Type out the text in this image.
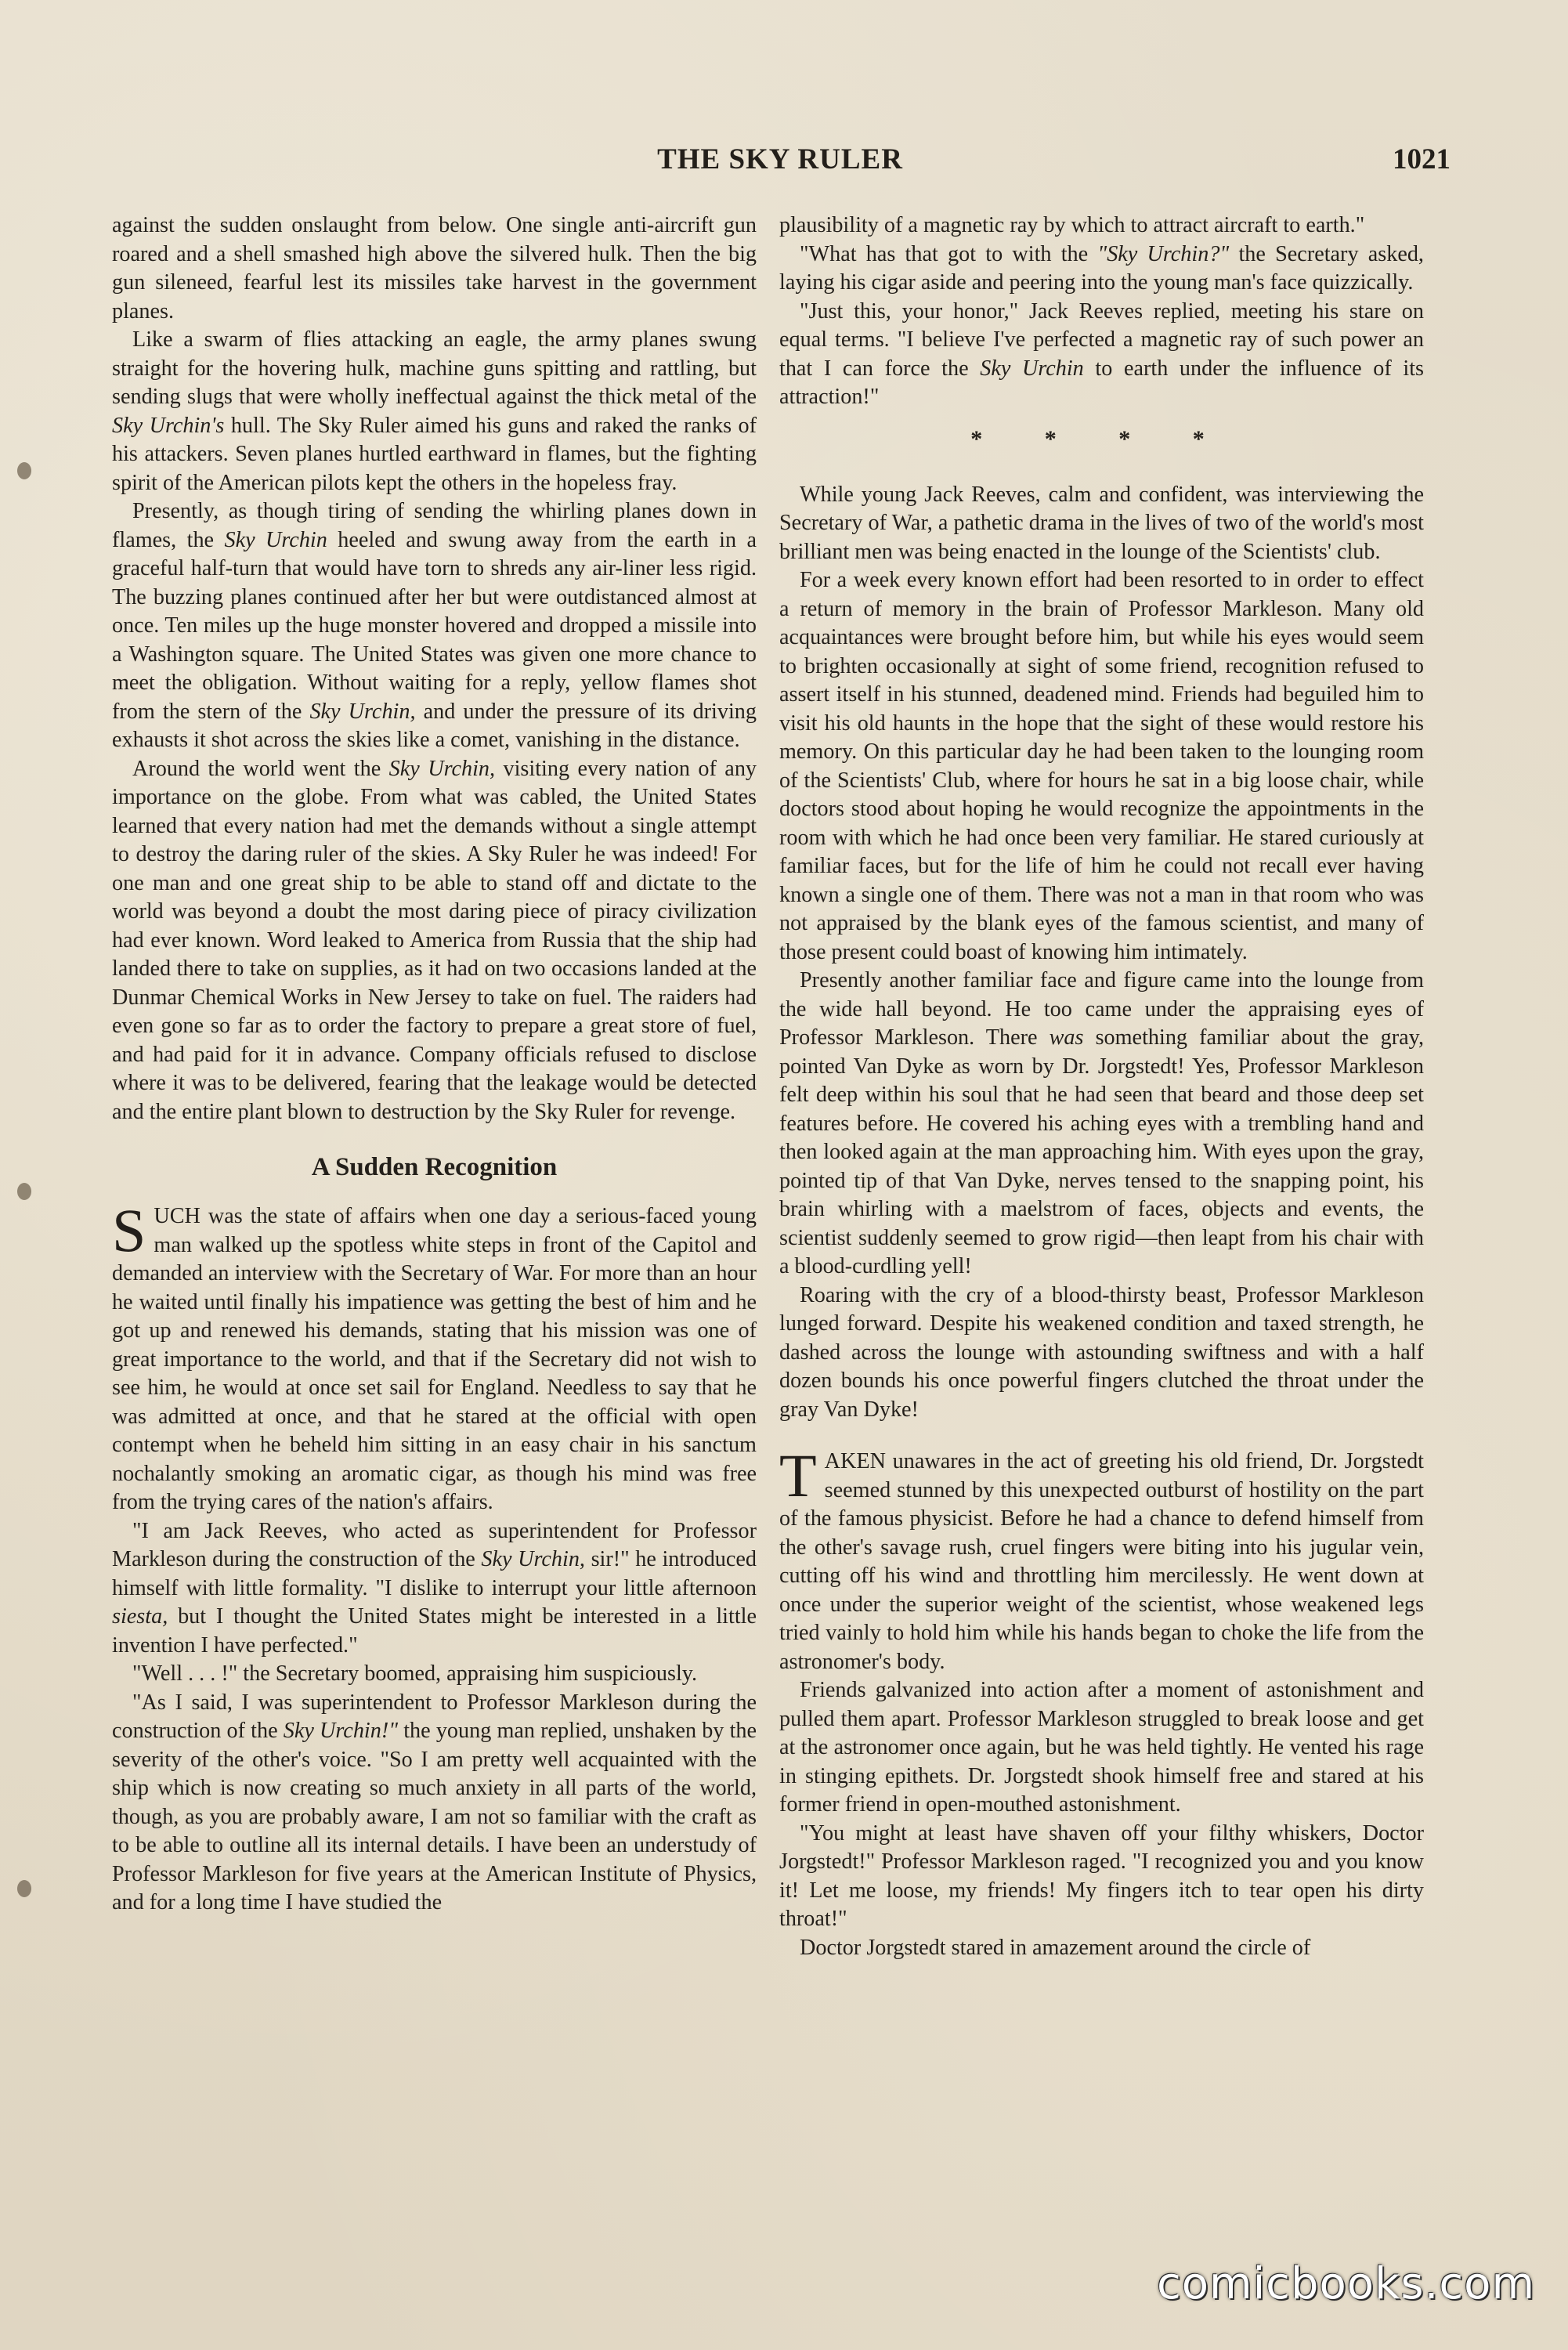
THE SKY RULER	1021

against the sudden onslaught from below. One single anti-aircrift gun roared and a shell smashed high above the silvered hulk. Then the big gun sileneed, fearful lest its missiles take harvest in the government planes.

Like a swarm of flies attacking an eagle, the army planes swung straight for the hovering hulk, machine guns spitting and rattling, but sending slugs that were wholly ineffectual against the thick metal of the Sky Urchin's hull. The Sky Ruler aimed his guns and raked the ranks of his attackers. Seven planes hurtled earthward in flames, but the fighting spirit of the American pilots kept the others in the hopeless fray.

Presently, as though tiring of sending the whirling planes down in flames, the Sky Urchin heeled and swung away from the earth in a graceful half-turn that would have torn to shreds any air-liner less rigid. The buzzing planes continued after her but were outdistanced almost at once. Ten miles up the huge monster hovered and dropped a missile into a Washington square. The United States was given one more chance to meet the obligation. Without waiting for a reply, yellow flames shot from the stern of the Sky Urchin, and under the pressure of its driving exhausts it shot across the skies like a comet, vanishing in the distance.

Around the world went the Sky Urchin, visiting every nation of any importance on the globe. From what was cabled, the United States learned that every nation had met the demands without a single attempt to destroy the daring ruler of the skies. A Sky Ruler he was indeed! For one man and one great ship to be able to stand off and dictate to the world was beyond a doubt the most daring piece of piracy civilization had ever known. Word leaked to America from Russia that the ship had landed there to take on supplies, as it had on two occasions landed at the Dunmar Chemical Works in New Jersey to take on fuel. The raiders had even gone so far as to order the factory to prepare a great store of fuel, and had paid for it in advance. Company officials refused to disclose where it was to be delivered, fearing that the leakage would be detected and the entire plant blown to destruction by the Sky Ruler for revenge.

A Sudden Recognition

SUCH was the state of affairs when one day a serious-faced young man walked up the spotless white steps in front of the Capitol and demanded an interview with the Secretary of War. For more than an hour he waited until finally his impatience was getting the best of him and he got up and renewed his demands, stating that his mission was one of great importance to the world, and that if the Secretary did not wish to see him, he would at once set sail for England. Needless to say that he was admitted at once, and that he stared at the official with open contempt when he beheld him sitting in an easy chair in his sanctum nochalantly smoking an aromatic cigar, as though his mind was free from the trying cares of the nation's affairs.

"I am Jack Reeves, who acted as superintendent for Professor Markleson during the construction of the Sky Urchin, sir!" he introduced himself with little formality. "I dislike to interrupt your little afternoon siesta, but I thought the United States might be interested in a little invention I have perfected."

"Well . . . !" the Secretary boomed, appraising him suspiciously.

"As I said, I was superintendent to Professor Markleson during the construction of the Sky Urchin!" the young man replied, unshaken by the severity of the other's voice. "So I am pretty well acquainted with the ship which is now creating so much anxiety in all parts of the world, though, as you are probably aware, I am not so familiar with the craft as to be able to outline all its internal details. I have been an understudy of Professor Markleson for five years at the American Institute of Physics, and for a long time I have studied the

plausibility of a magnetic ray by which to attract aircraft to earth."

"What has that got to with the "Sky Urchin?" the Secretary asked, laying his cigar aside and peering into the young man's face quizzically.

"Just this, your honor," Jack Reeves replied, meeting his stare on equal terms. "I believe I've perfected a magnetic ray of such power an that I can force the Sky Urchin to earth under the influence of its attraction!"

* * * *

While young Jack Reeves, calm and confident, was interviewing the Secretary of War, a pathetic drama in the lives of two of the world's most brilliant men was being enacted in the lounge of the Scientists' club.

For a week every known effort had been resorted to in order to effect a return of memory in the brain of Professor Markleson. Many old acquaintances were brought before him, but while his eyes would seem to brighten occasionally at sight of some friend, recognition refused to assert itself in his stunned, deadened mind. Friends had beguiled him to visit his old haunts in the hope that the sight of these would restore his memory. On this particular day he had been taken to the lounging room of the Scientists' Club, where for hours he sat in a big loose chair, while doctors stood about hoping he would recognize the appointments in the room with which he had once been very familiar. He stared curiously at familiar faces, but for the life of him he could not recall ever having known a single one of them. There was not a man in that room who was not appraised by the blank eyes of the famous scientist, and many of those present could boast of knowing him intimately.

Presently another familiar face and figure came into the lounge from the wide hall beyond. He too came under the appraising eyes of Professor Markleson. There was something familiar about the gray, pointed Van Dyke as worn by Dr. Jorgstedt! Yes, Professor Markleson felt deep within his soul that he had seen that beard and those deep set features before. He covered his aching eyes with a trembling hand and then looked again at the man approaching him. With eyes upon the gray, pointed tip of that Van Dyke, nerves tensed to the snapping point, his brain whirling with a maelstrom of faces, objects and events, the scientist suddenly seemed to grow rigid—then leapt from his chair with a blood-curdling yell!

Roaring with the cry of a blood-thirsty beast, Professor Markleson lunged forward. Despite his weakened condition and taxed strength, he dashed across the lounge with astounding swiftness and with a half dozen bounds his once powerful fingers clutched the throat under the gray Van Dyke!

TAKEN unawares in the act of greeting his old friend, Dr. Jorgstedt seemed stunned by this unexpected outburst of hostility on the part of the famous physicist. Before he had a chance to defend himself from the other's savage rush, cruel fingers were biting into his jugular vein, cutting off his wind and throttling him mercilessly. He went down at once under the superior weight of the scientist, whose weakened legs tried vainly to hold him while his hands began to choke the life from the astronomer's body.

Friends galvanized into action after a moment of astonishment and pulled them apart. Professor Markleson struggled to break loose and get at the astronomer once again, but he was held tightly. He vented his rage in stinging epithets. Dr. Jorgstedt shook himself free and stared at his former friend in open-mouthed astonishment.

"You might at least have shaven off your filthy whiskers, Doctor Jorgstedt!" Professor Markleson raged. "I recognized you and you know it! Let me loose, my friends! My fingers itch to tear open his dirty throat!"

Doctor Jorgstedt stared in amazement around the circle of

comicbooks.com
